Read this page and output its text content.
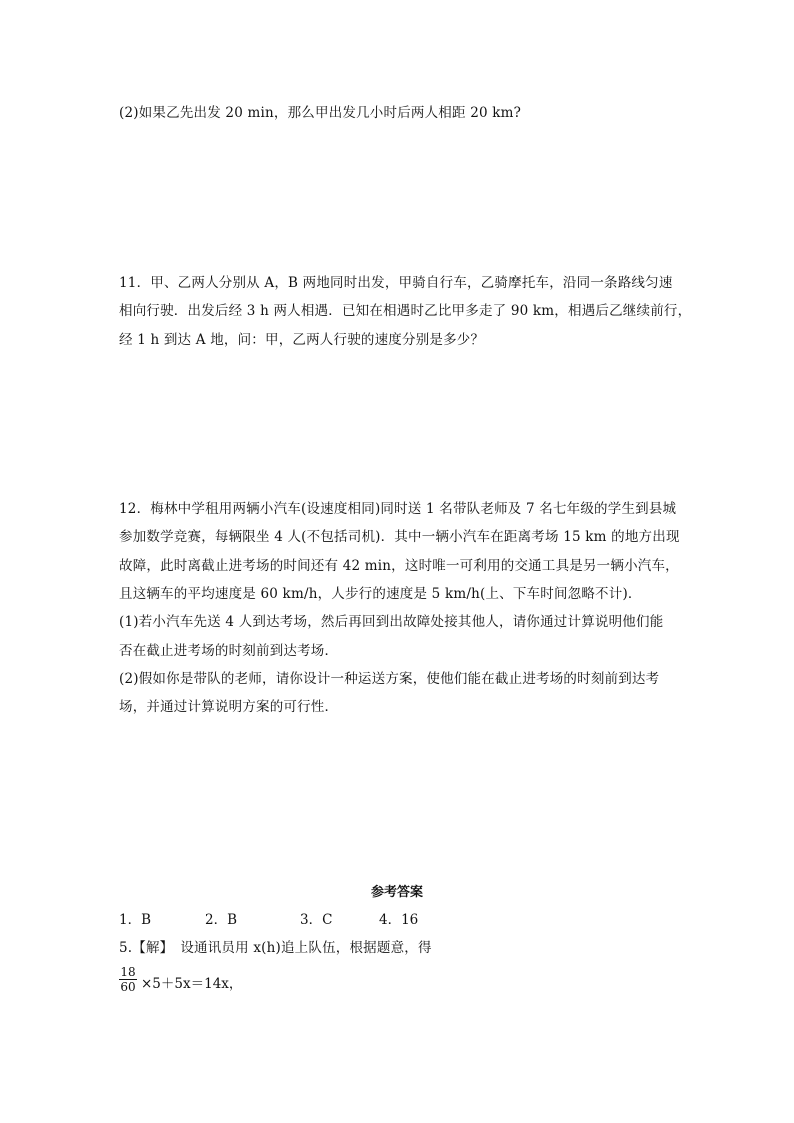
(2)如果乙先出发 20 min，那么甲出发几小时后两人相距 20 km?
11．甲、乙两人分别从 A，B 两地同时出发，甲骑自行车，乙骑摩托车，沿同一条路线匀速
相向行驶．出发后经 3 h 两人相遇．已知在相遇时乙比甲多走了 90 km，相遇后乙继续前行，
经 1 h 到达 A 地，问：甲，乙两人行驶的速度分别是多少？
12．梅林中学租用两辆小汽车(设速度相同)同时送 1 名带队老师及 7 名七年级的学生到县城
参加数学竞赛，每辆限坐 4 人(不包括司机)．其中一辆小汽车在距离考场 15 km 的地方出现
故障，此时离截止进考场的时间还有 42 min，这时唯一可利用的交通工具是另一辆小汽车，
且这辆车的平均速度是 60 km/h，人步行的速度是 5 km/h(上、下车时间忽略不计)．
(1)若小汽车先送 4 人到达考场，然后再回到出故障处接其他人，请你通过计算说明他们能
否在截止进考场的时刻前到达考场．
(2)假如你是带队的老师，请你设计一种运送方案，使他们能在截止进考场的时刻前到达考
场，并通过计算说明方案的可行性．
参考答案
1．B	2．B	3．C	4．16
5.【解】　设通讯员用 x(h)追上队伍，根据题意，得
$\frac{18}{60} \times 5+5x=14x$，
